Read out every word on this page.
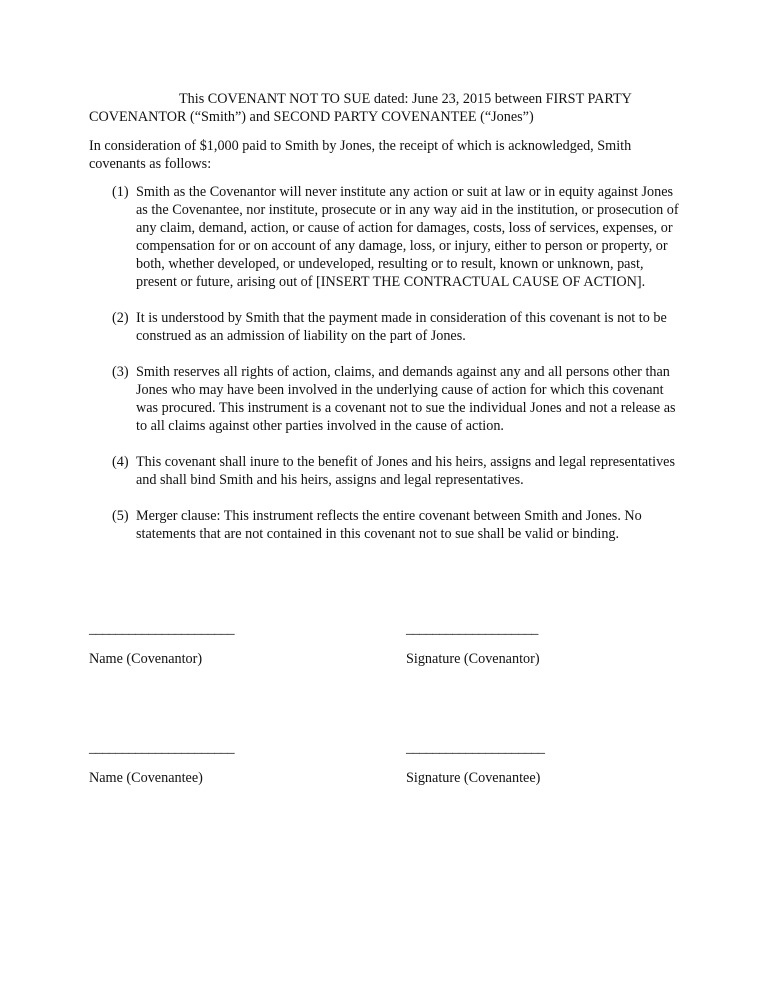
This COVENANT NOT TO SUE dated: June 23, 2015 between FIRST PARTY COVENANTOR (“Smith”) and SECOND PARTY COVENANTEE (“Jones”)

In consideration of $1,000 paid to Smith by Jones, the receipt of which is acknowledged, Smith covenants as follows:

(1) Smith as the Covenantor will never institute any action or suit at law or in equity against Jones as the Covenantee, nor institute, prosecute or in any way aid in the institution, or prosecution of any claim, demand, action, or cause of action for damages, costs, loss of services, expenses, or compensation for or on account of any damage, loss, or injury, either to person or property, or both, whether developed, or undeveloped, resulting or to result, known or unknown, past, present or future, arising out of [INSERT THE CONTRACTUAL CAUSE OF ACTION].
(2) It is understood by Smith that the payment made in consideration of this covenant is not to be construed as an admission of liability on the part of Jones.
(3) Smith reserves all rights of action, claims, and demands against any and all persons other than Jones who may have been involved in the underlying cause of action for which this covenant was procured. This instrument is a covenant not to sue the individual Jones and not a release as to all claims against other parties involved in the cause of action.
(4) This covenant shall inure to the benefit of Jones and his heirs, assigns and legal representatives and shall bind Smith and his heirs, assigns and legal representatives.
(5) Merger clause: This instrument reflects the entire covenant between Smith and Jones. No statements that are not contained in this covenant not to sue shall be valid or binding.
______________________
Name (Covenantor)
____________________
Signature (Covenantor)
______________________
Name (Covenantee)
_____________________
Signature (Covenantee)
